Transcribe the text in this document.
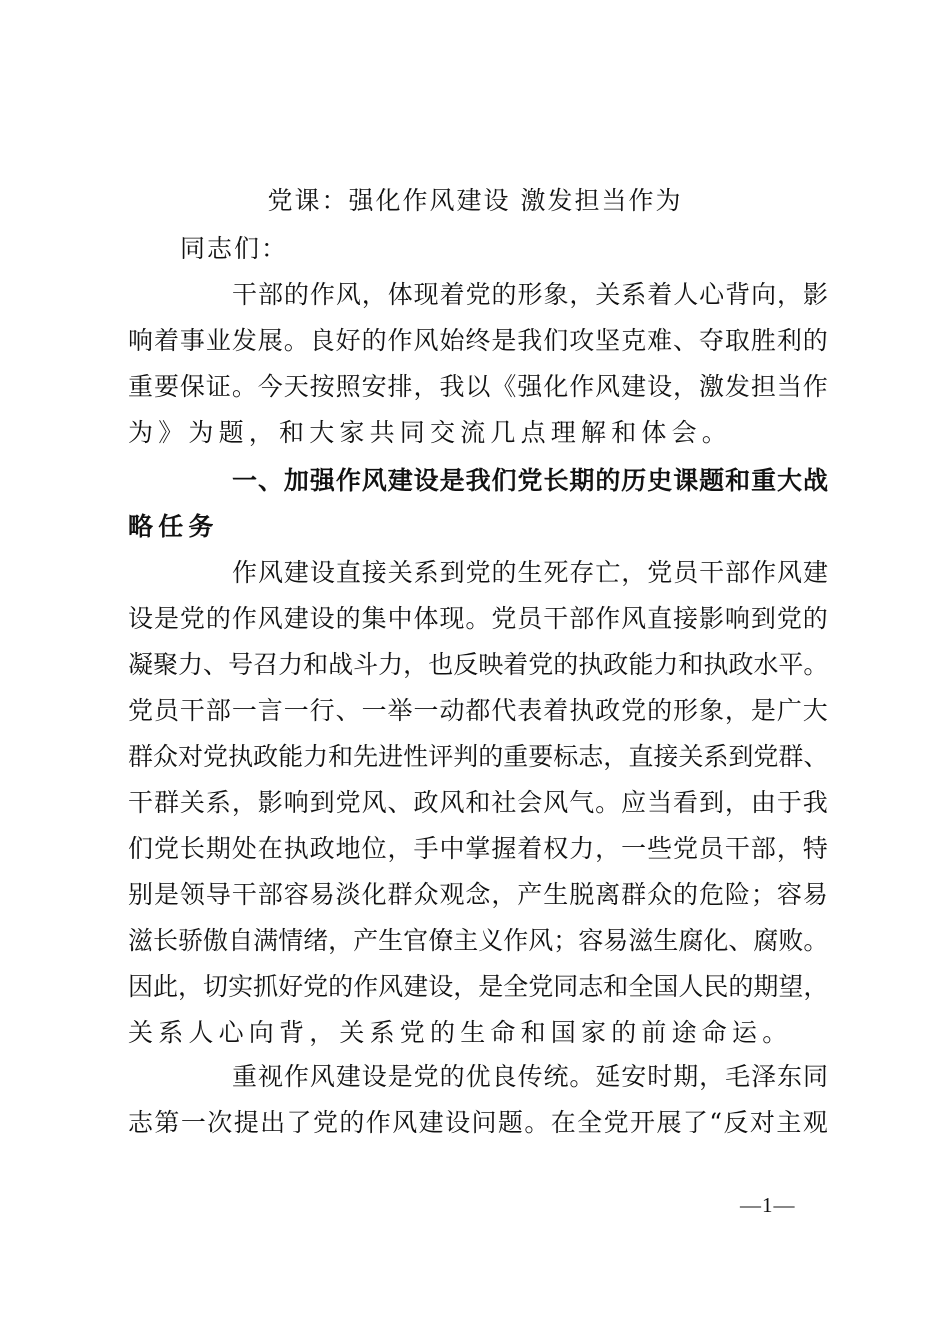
党课：强化作风建设 激发担当作为

同志们：

干 部 的 作 风 ， 体 现 着 党 的 形 象 ， 关 系 着 人 心 背 向 ， 影
响 着 事 业 发 展 。 良 好 的 作 风 始 终 是 我 们 攻 坚 克 难 、 夺 取 胜 利 的
重 要 保 证 。 今 天 按 照 安 排 ， 我 以 《 强 化 作 风 建 设 ， 激 发 担 当 作
为》为题，和大家共同交流几点理解和体会。
一 、 加 强 作 风 建 设 是 我 们 党 长 期 的 历 史 课 题 和 重 大 战
略任务
作 风 建 设 直 接 关 系 到 党 的 生 死 存 亡 ， 党 员 干 部 作 风 建
设 是 党 的 作 风 建 设 的 集 中 体 现 。 党 员 干 部 作 风 直 接 影 响 到 党 的
凝 聚 力 、 号 召 力 和 战 斗 力 ， 也 反 映 着 党 的 执 政 能 力 和 执 政 水 平 。
党 员 干 部 一 言 一 行 、 一 举 一 动 都 代 表 着 执 政 党 的 形 象 ， 是 广 大
群 众 对 党 执 政 能 力 和 先 进 性 评 判 的 重 要 标 志 ， 直 接 关 系 到 党 群 、
干 群 关 系 ， 影 响 到 党 风 、 政 风 和 社 会 风 气 。 应 当 看 到 ， 由 于 我
们 党 长 期 处 在 执 政 地 位 ， 手 中 掌 握 着 权 力 ， 一 些 党 员 干 部 ， 特
别 是 领 导 干 部 容 易 淡 化 群 众 观 念 ， 产 生 脱 离 群 众 的 危 险 ； 容 易
滋 长 骄 傲 自 满 情 绪 ， 产 生 官 僚 主 义 作 风 ； 容 易 滋 生 腐 化 、 腐 败 。
因 此 ， 切 实 抓 好 党 的 作 风 建 设 ， 是 全 党 同 志 和 全 国 人 民 的 期 望 ，
关系人心向背，关系党的生命和国家的前途命运。
重 视 作 风 建 设 是 党 的 优 良 传 统 。 延 安 时 期 ， 毛 泽 东 同
志 第 一 次 提 出 了 党 的 作 风 建 设 问 题 。 在 全 党 开 展 了 “ 反 对 主 观

—1—
